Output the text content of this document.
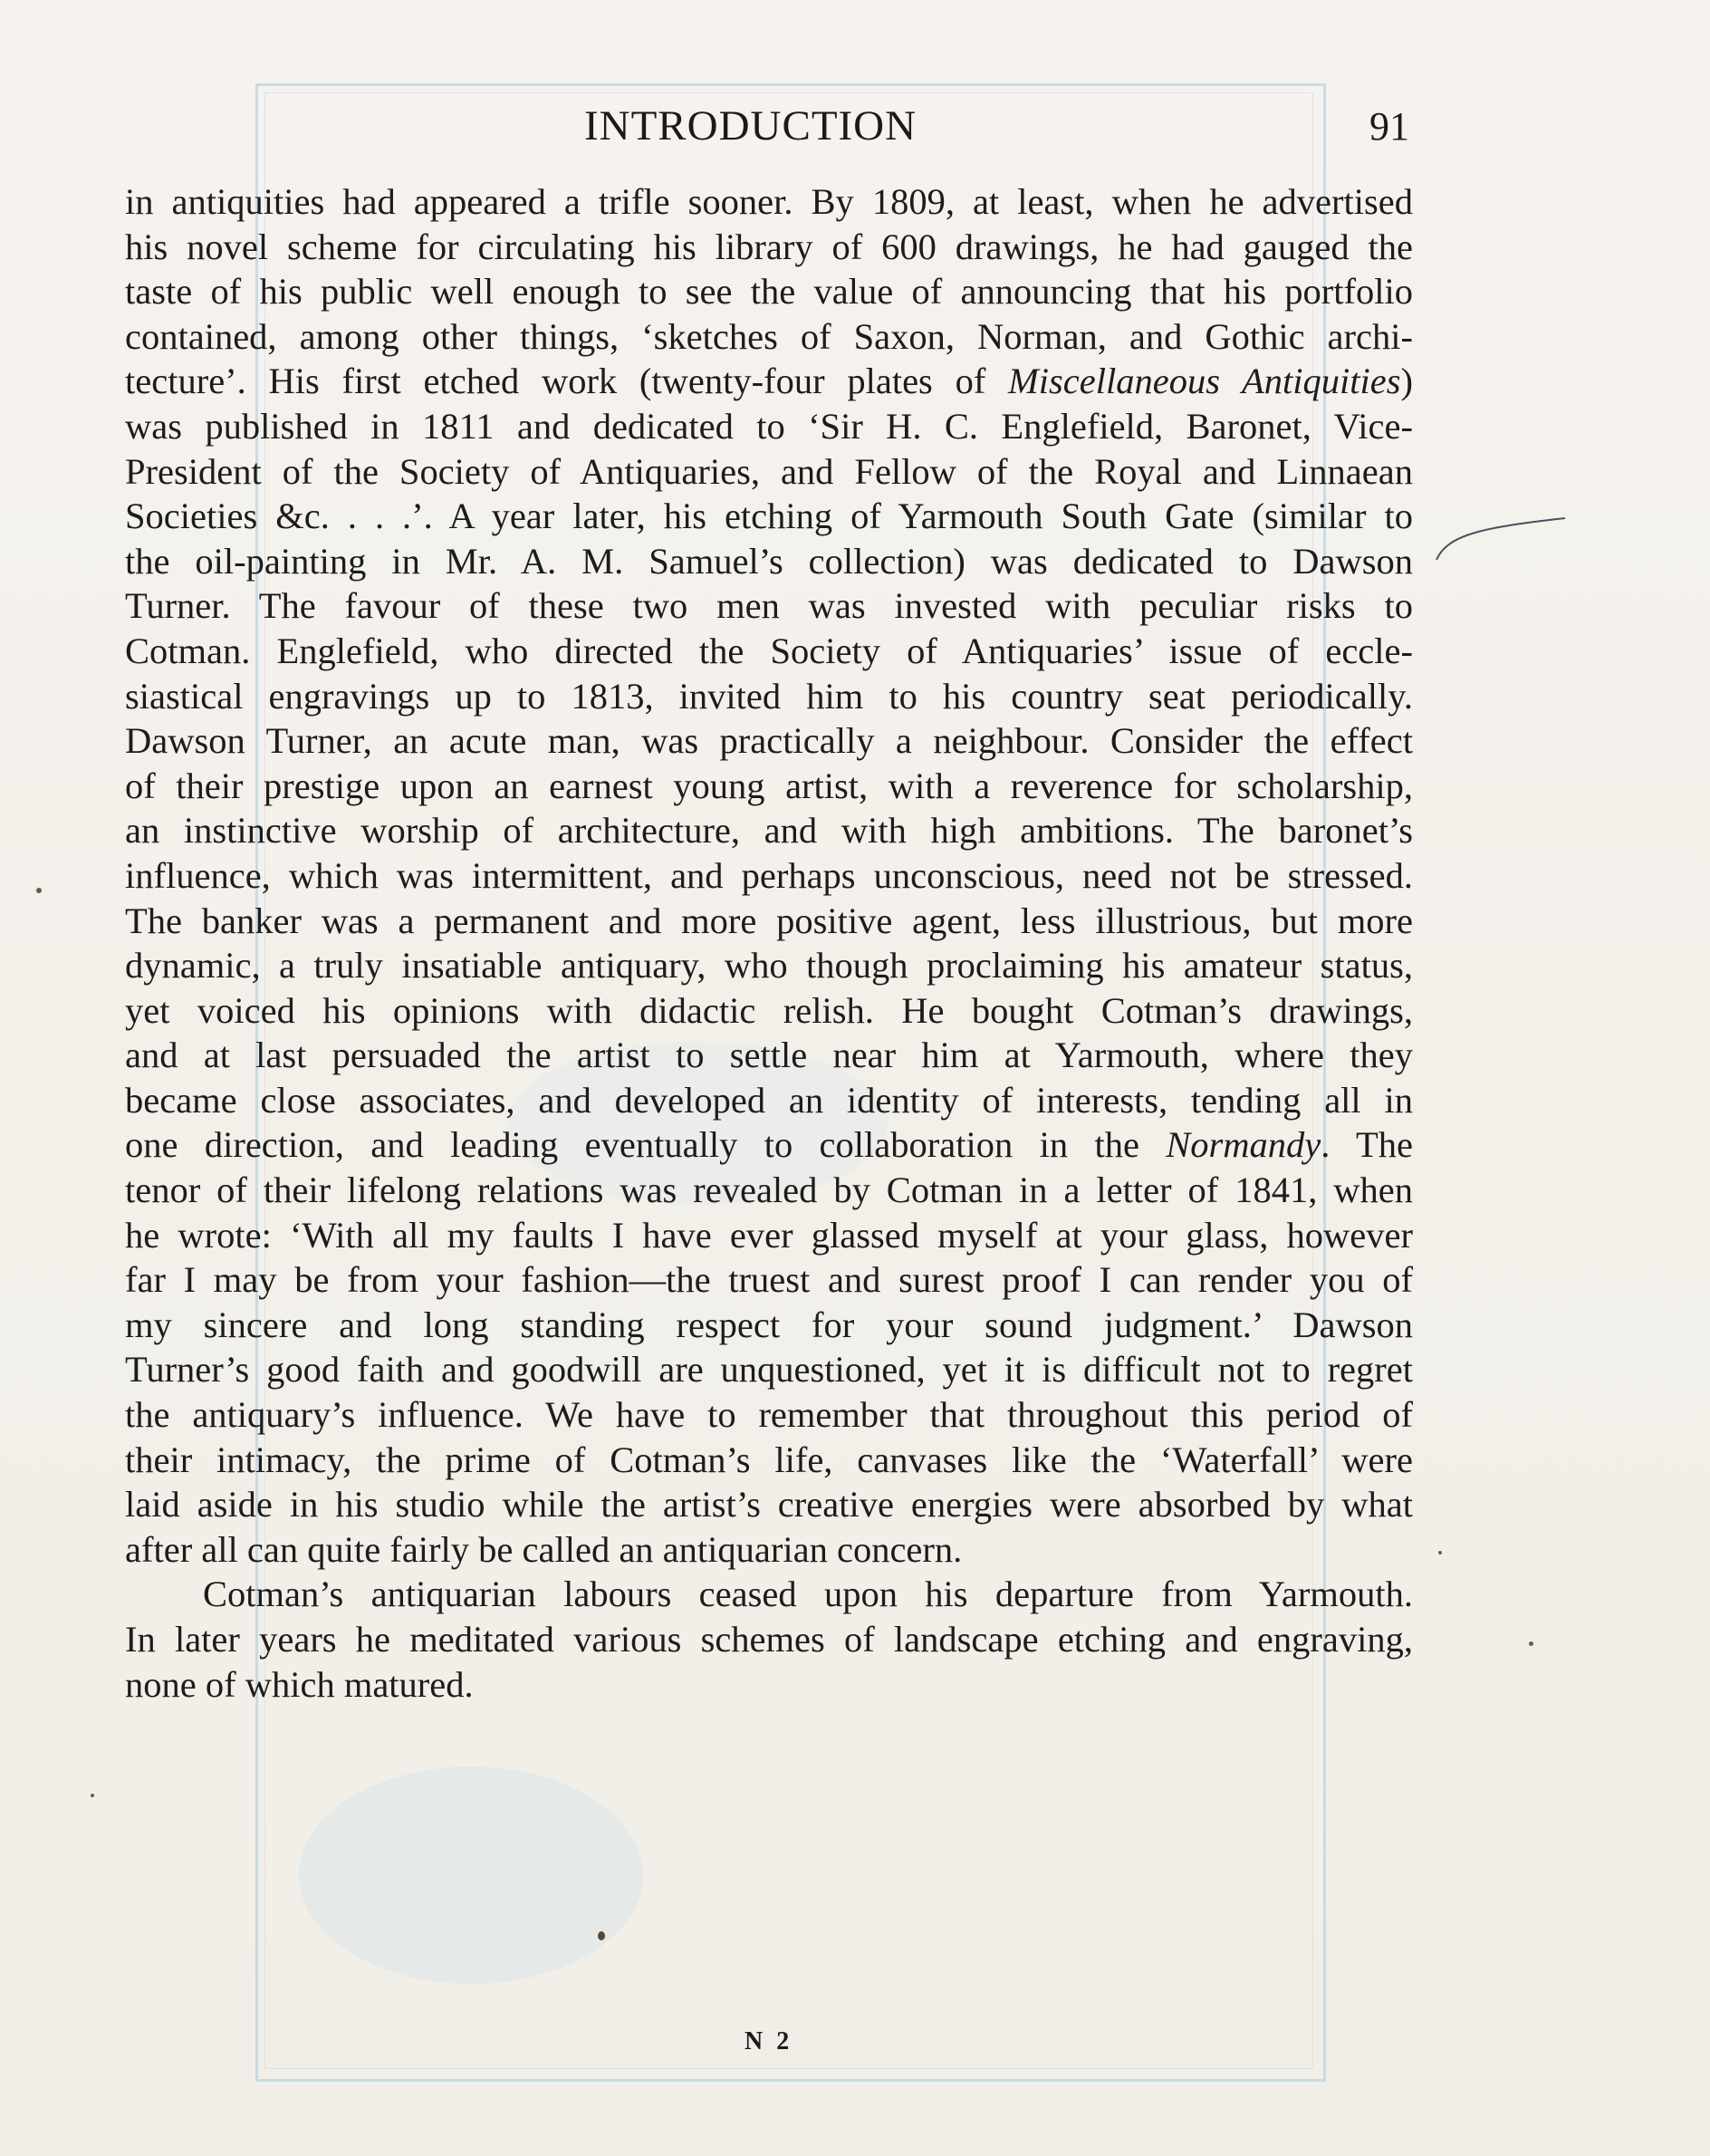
INTRODUCTION	91
in antiquities had appeared a trifle sooner. By 1809, at least, when he advertised
his novel scheme for circulating his library of 600 drawings, he had gauged the
taste of his public well enough to see the value of announcing that his portfolio
contained, among other things, ‘sketches of Saxon, Norman, and Gothic archi-
tecture’. His first etched work (twenty-four plates of Miscellaneous Antiquities)
was published in 1811 and dedicated to ‘Sir H. C. Englefield, Baronet, Vice-
President of the Society of Antiquaries, and Fellow of the Royal and Linnaean
Societies &c. . . .’. A year later, his etching of Yarmouth South Gate (similar to
the oil-painting in Mr. A. M. Samuel’s collection) was dedicated to Dawson
Turner. The favour of these two men was invested with peculiar risks to
Cotman. Englefield, who directed the Society of Antiquaries’ issue of eccle-
siastical engravings up to 1813, invited him to his country seat periodically.
Dawson Turner, an acute man, was practically a neighbour. Consider the effect
of their prestige upon an earnest young artist, with a reverence for scholarship,
an instinctive worship of architecture, and with high ambitions. The baronet’s
influence, which was intermittent, and perhaps unconscious, need not be stressed.
The banker was a permanent and more positive agent, less illustrious, but more
dynamic, a truly insatiable antiquary, who though proclaiming his amateur status,
yet voiced his opinions with didactic relish. He bought Cotman’s drawings,
and at last persuaded the artist to settle near him at Yarmouth, where they
became close associates, and developed an identity of interests, tending all in
one direction, and leading eventually to collaboration in the Normandy. The
tenor of their lifelong relations was revealed by Cotman in a letter of 1841, when
he wrote: ‘With all my faults I have ever glassed myself at your glass, however
far I may be from your fashion—the truest and surest proof I can render you of
my sincere and long standing respect for your sound judgment.’ Dawson
Turner’s good faith and goodwill are unquestioned, yet it is difficult not to regret
the antiquary’s influence. We have to remember that throughout this period of
their intimacy, the prime of Cotman’s life, canvases like the ‘Waterfall’ were
laid aside in his studio while the artist’s creative energies were absorbed by what
after all can quite fairly be called an antiquarian concern.
Cotman’s antiquarian labours ceased upon his departure from Yarmouth.
In later years he meditated various schemes of landscape etching and engraving,
none of which matured.
N 2
